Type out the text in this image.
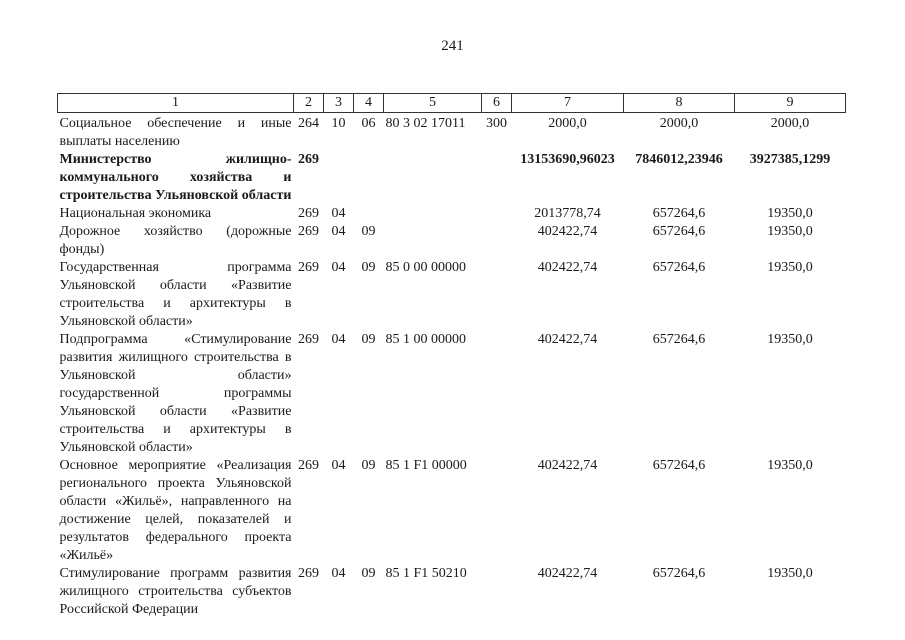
241
1	2	3	4	5	6	7	8	9
Социальное обеспечение и иные выплаты населению	264	10	06	80 3 02 17011	300	2000,0	2000,0	2000,0
Министерство жилищно-коммунального хозяйства и строительства Ульяновской области	269					13153690,96023	7846012,23946	3927385,1299
Национальная экономика	269	04				2013778,74	657264,6	19350,0
Дорожное хозяйство (дорожные фонды)	269	04	09			402422,74	657264,6	19350,0
Государственная программа Ульяновской области «Развитие строительства и архитектуры в Ульяновской области»	269	04	09	85 0 00 00000		402422,74	657264,6	19350,0
Подпрограмма «Стимулирование развития жилищного строительства в Ульяновской области» государственной программы Ульяновской области «Развитие строительства и архитектуры в Ульяновской области»	269	04	09	85 1 00 00000		402422,74	657264,6	19350,0
Основное мероприятие «Реализация регионального проекта Ульяновской области «Жильё», направленного на достижение целей, показателей и результатов федерального проекта «Жильё»	269	04	09	85 1 F1 00000		402422,74	657264,6	19350,0
Стимулирование программ развития жилищного строительства субъектов Российской Федерации	269	04	09	85 1 F1 50210		402422,74	657264,6	19350,0
